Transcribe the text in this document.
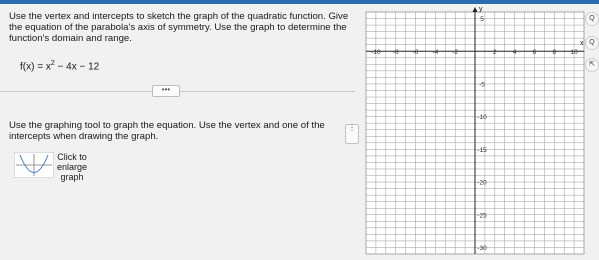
Use the vertex and intercepts to sketch the graph of the quadratic function. Give the equation of the parabola's axis of symmetry. Use the graph to determine the function's domain and range.
$f(x) = x^2 - 4x - 12$
•••
Use the graphing tool to graph the equation. Use the vertex and one of the intercepts when drawing the graph.
Click to
enlarge
graph
⋮
y
x
-10 -8 -6 -4 -2	2 4 6 8 10
5
-5
-10
-15
-20
-25
-30
Q
Q
⇱
